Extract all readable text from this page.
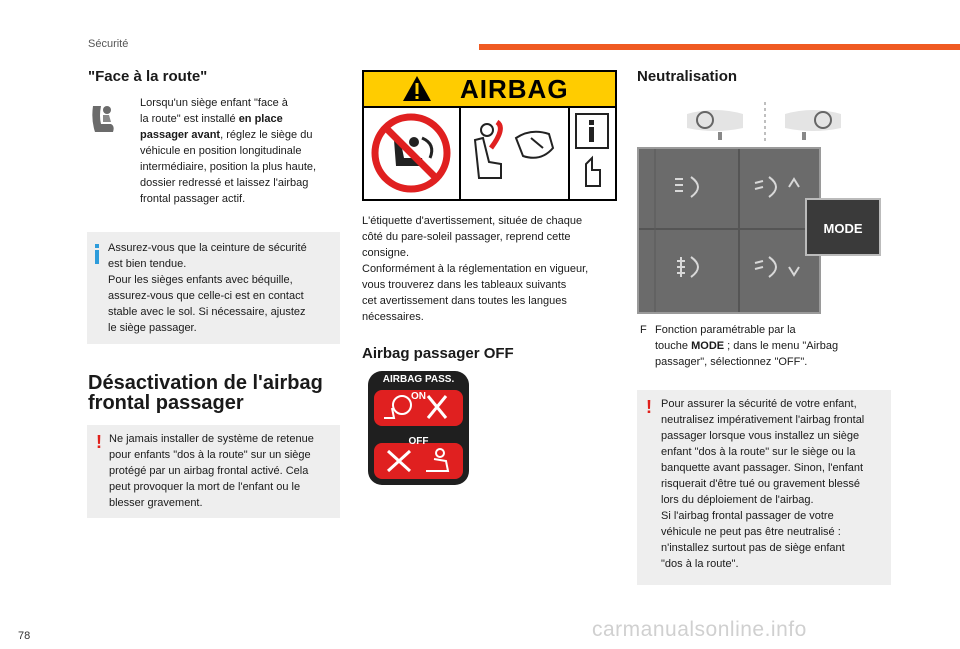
Sécurité
"Face à la route"
Lorsqu'un siège enfant "face à
la route" est installé en place
passager avant, réglez le siège du
véhicule en position longitudinale
intermédiaire, position la plus haute,
dossier redressé et laissez l'airbag
frontal passager actif.
Assurez-vous que la ceinture de sécurité
est bien tendue.
Pour les sièges enfants avec béquille,
assurez-vous que celle-ci est en contact
stable avec le sol. Si nécessaire, ajustez
le siège passager.
Désactivation de l'airbag
frontal passager
! Ne jamais installer de système de retenue
pour enfants "dos à la route" sur un siège
protégé par un airbag frontal activé. Cela
peut provoquer la mort de l'enfant ou le
blesser gravement.
AIRBAG
L'étiquette d'avertissement, située de chaque
côté du pare-soleil passager, reprend cette
consigne.
Conformément à la réglementation en vigueur,
vous trouverez dans les tableaux suivants
cet avertissement dans toutes les langues
nécessaires.
Airbag passager OFF
AIRBAG PASS.
ON
OFF
Neutralisation
MODE
F Fonction paramétrable par la
touche MODE ; dans le menu "Airbag
passager", sélectionnez "OFF".
! Pour assurer la sécurité de votre enfant,
neutralisez impérativement l'airbag frontal
passager lorsque vous installez un siège
enfant "dos à la route" sur le siège ou la
banquette avant passager. Sinon, l'enfant
risquerait d'être tué ou gravement blessé
lors du déploiement de l'airbag.
Si l'airbag frontal passager de votre
véhicule ne peut pas être neutralisé :
n'installez surtout pas de siège enfant
"dos à la route".
78	carmanualsonline.info
